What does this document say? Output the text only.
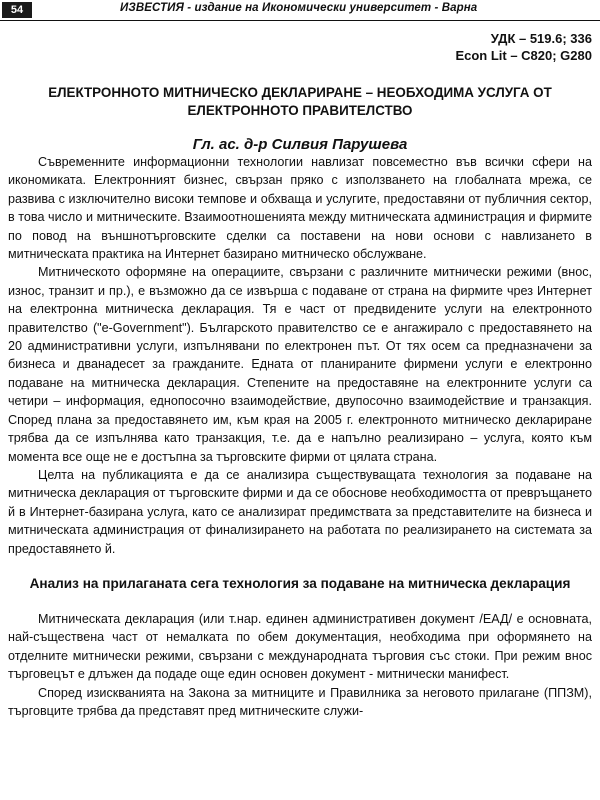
54	ИЗВЕСТИЯ - издание на Икономически университет - Варна
УДК – 519.6; 336
Econ Lit – C820; G280
ЕЛЕКТРОННОТО МИТНИЧЕСКО ДЕКЛАРИРАНЕ – НЕОБХОДИМА УСЛУГА ОТ ЕЛЕКТРОННОТО ПРАВИТЕЛСТВО
Гл. ас. д-р Силвия Парушева

Съвременните информационни технологии навлизат повсеместно във всички сфери на икономиката. Електронният бизнес, свързан пряко с използването на глобалната мрежа, се развива с изключително високи темпове и обхваща и услугите, предоставяни от публичния сектор, в това число и митническите. Взаимоотношенията между митническата администрация и фирмите по повод на външнотърговските сделки са поставени на нови основи с навлизането в митническата практика на Интернет базирано митническо обслужване.

Митническото оформяне на операциите, свързани с различните митнически режими (внос, износ, транзит и пр.), е възможно да се извърша с подаване от страна на фирмите чрез Интернет на електронна митническа декларация. Тя е част от предвидените услуги на електронното правителство ("e-Government"). Българското правителство се е ангажирало с предоставянето на 20 административни услуги, изпълнявани по електронен път. От тях осем са предназначени за бизнеса и дванадесет за гражданите. Едната от планираните фирмени услуги е електронно подаване на митническа декларация. Степените на предоставяне на електронните услуги са четири – информация, еднопосочно взаимодействие, двупосочно взаимодействие и транзакция. Според плана за предоставянето им, към края на 2005 г. електронното митническо деклариране трябва да се изпълнява като транзакция, т.е. да е напълно реализирано – услуга, която към момента все още не е достъпна за търговските фирми от цялата страна.

Целта на публикацията е да се анализира съществуващата технология за подаване на митническа декларация от търговските фирми и да се обоснове необходимостта от превръщането й в Интернет-базирана услуга, като се анализират предимствата за представителите на бизнеса и митническата администрация от финализирането на работата по реализирането на системата за предоставянето й.

Анализ на прилаганата сега технология за подаване на митническа декларация

Митническата декларация (или т.нар. единен административен документ /ЕАД/ е основната, най-съществена част от немалката по обем документация, необходима при оформянето на отделните митнически режими, свързани с международната търговия със стоки. При режим внос търговецът е длъжен да подаде още един основен документ - митнически манифест.

Според изискванията на Закона за митниците и Правилника за неговото прилагане (ППЗМ), търговците трябва да представят пред митническите служи-
